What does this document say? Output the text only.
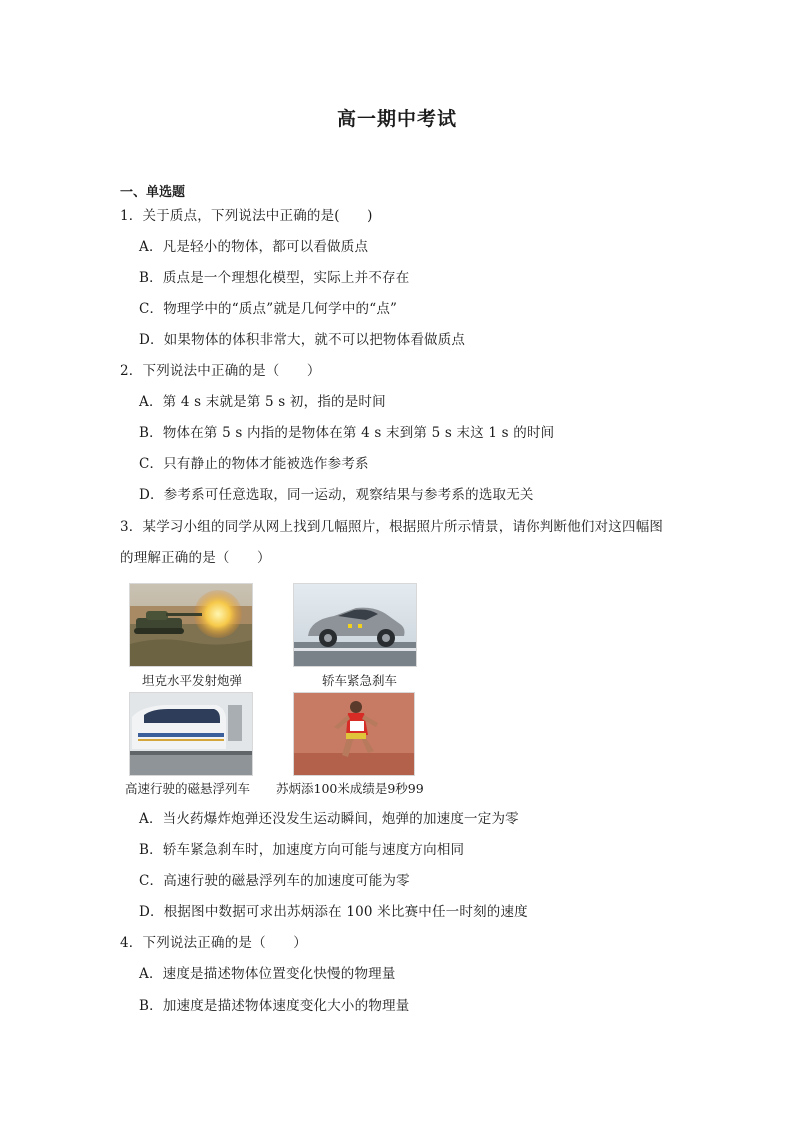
高一期中考试
一、单选题
1．关于质点，下列说法中正确的是(　　)
A．凡是轻小的物体，都可以看做质点
B．质点是一个理想化模型，实际上并不存在
C．物理学中的“质点”就是几何学中的“点”
D．如果物体的体积非常大，就不可以把物体看做质点
2．下列说法中正确的是（　　）
A．第 4 s 末就是第 5 s 初，指的是时间
B．物体在第 5 s 内指的是物体在第 4 s 末到第 5 s 末这 1 s 的时间
C．只有静止的物体才能被选作参考系
D．参考系可任意选取，同一运动，观察结果与参考系的选取无关
3．某学习小组的同学从网上找到几幅照片，根据照片所示情景，请你判断他们对这四幅图
的理解正确的是（　　）
坦克水平发射炮弹	轿车紧急刹车
高速行驶的磁悬浮列车 苏炳添100米成绩是9秒99
A．当火药爆炸炮弹还没发生运动瞬间，炮弹的加速度一定为零
B．轿车紧急刹车时，加速度方向可能与速度方向相同
C．高速行驶的磁悬浮列车的加速度可能为零
D．根据图中数据可求出苏炳添在 100 米比赛中任一时刻的速度
4．下列说法正确的是（　　）
A．速度是描述物体位置变化快慢的物理量
B．加速度是描述物体速度变化大小的物理量
